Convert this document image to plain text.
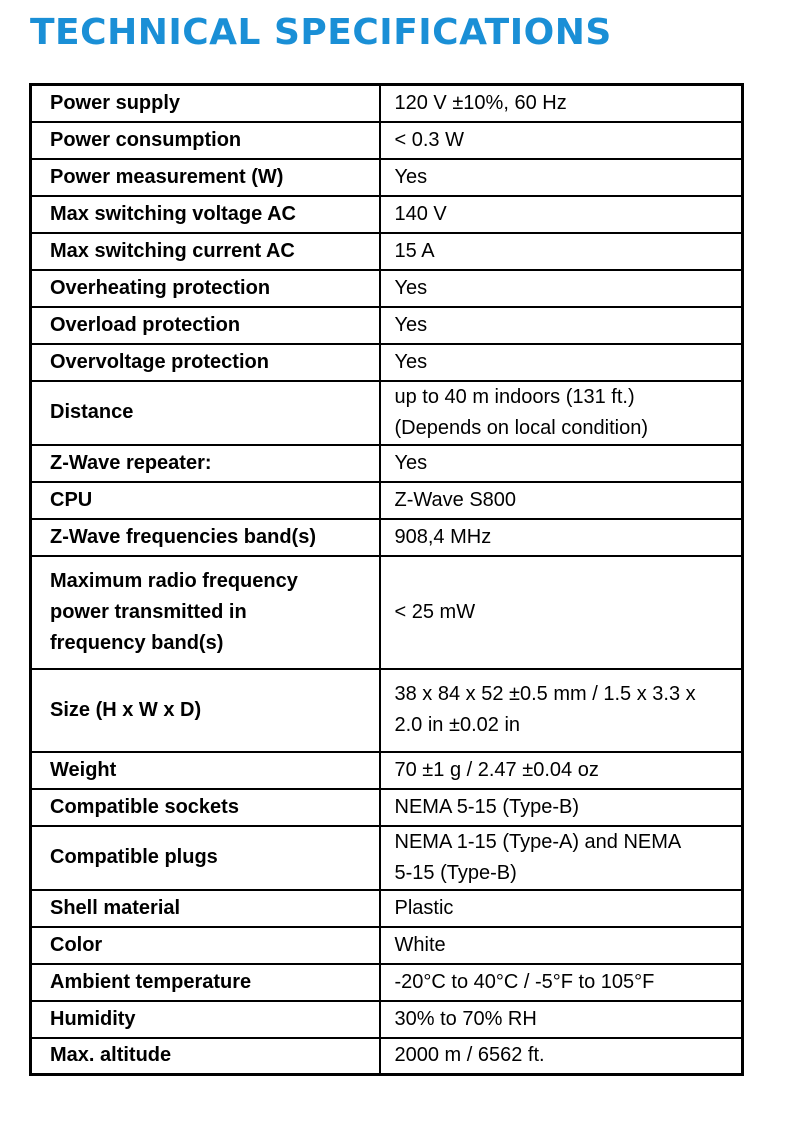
TECHNICAL SPECIFICATIONS
Power supply	120 V ±10%, 60 Hz
Power consumption	< 0.3 W
Power measurement (W)	Yes
Max switching voltage AC	140 V
Max switching current AC	15 A
Overheating protection	Yes
Overload protection	Yes
Overvoltage protection	Yes
Distance	up to 40 m indoors (131 ft.)
(Depends on local condition)

Z-Wave repeater:	Yes
CPU	Z-Wave S800
Z-Wave frequencies band(s)	908,4 MHz

Maximum radio frequency
power transmitted in
frequency band(s)	< 25 mW
Size (H x W x D)	38 x 84 x 52 ±0.5 mm / 1.5 x 3.3 x
2.0 in ±0.02 in

Weight	70 ±1 g / 2.47 ±0.04 oz
Compatible sockets	NEMA 5-15 (Type-B)
Compatible plugs	NEMA 1-15 (Type-A) and NEMA
5-15 (Type-B)

Shell material	Plastic
Color	White
Ambient temperature	-20°C to 40°C / -5°F to 105°F
Humidity	30% to 70% RH
Max. altitude	2000 m / 6562 ft.
